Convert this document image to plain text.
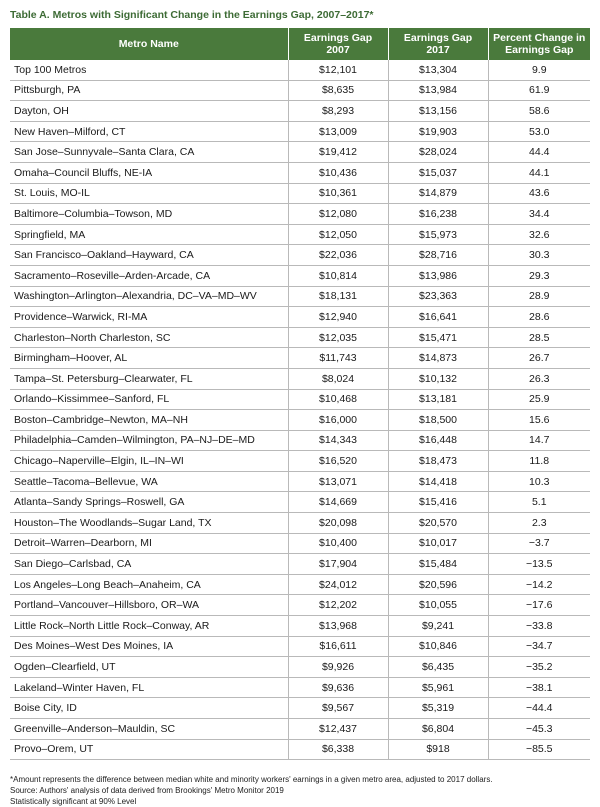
Table A. Metros with Significant Change in the Earnings Gap, 2007–2017*
Metro Name	Earnings Gap 2007	Earnings Gap 2017	Percent Change in Earnings Gap
Top 100 Metros	$12,101	$13,304	9.9
Pittsburgh, PA	$8,635	$13,984	61.9
Dayton, OH	$8,293	$13,156	58.6
New Haven–Milford, CT	$13,009	$19,903	53.0
San Jose–Sunnyvale–Santa Clara, CA	$19,412	$28,024	44.4
Omaha–Council Bluffs, NE-IA	$10,436	$15,037	44.1
St. Louis, MO-IL	$10,361	$14,879	43.6
Baltimore–Columbia–Towson, MD	$12,080	$16,238	34.4
Springfield, MA	$12,050	$15,973	32.6
San Francisco–Oakland–Hayward, CA	$22,036	$28,716	30.3
Sacramento–Roseville–Arden-Arcade, CA	$10,814	$13,986	29.3
Washington–Arlington–Alexandria, DC–VA–MD–WV	$18,131	$23,363	28.9
Providence–Warwick, RI-MA	$12,940	$16,641	28.6
Charleston–North Charleston, SC	$12,035	$15,471	28.5
Birmingham–Hoover, AL	$11,743	$14,873	26.7
Tampa–St. Petersburg–Clearwater, FL	$8,024	$10,132	26.3
Orlando–Kissimmee–Sanford, FL	$10,468	$13,181	25.9
Boston–Cambridge–Newton, MA–NH	$16,000	$18,500	15.6
Philadelphia–Camden–Wilmington, PA–NJ–DE–MD	$14,343	$16,448	14.7
Chicago–Naperville–Elgin, IL–IN–WI	$16,520	$18,473	11.8
Seattle–Tacoma–Bellevue, WA	$13,071	$14,418	10.3
Atlanta–Sandy Springs–Roswell, GA	$14,669	$15,416	5.1
Houston–The Woodlands–Sugar Land, TX	$20,098	$20,570	2.3
Detroit–Warren–Dearborn, MI	$10,400	$10,017	−3.7
San Diego–Carlsbad, CA	$17,904	$15,484	−13.5
Los Angeles–Long Beach–Anaheim, CA	$24,012	$20,596	−14.2
Portland–Vancouver–Hillsboro, OR–WA	$12,202	$10,055	−17.6
Little Rock–North Little Rock–Conway, AR	$13,968	$9,241	−33.8
Des Moines–West Des Moines, IA	$16,611	$10,846	−34.7
Ogden–Clearfield, UT	$9,926	$6,435	−35.2
Lakeland–Winter Haven, FL	$9,636	$5,961	−38.1
Boise City, ID	$9,567	$5,319	−44.4
Greenville–Anderson–Mauldin, SC	$12,437	$6,804	−45.3
Provo–Orem, UT	$6,338	$918	−85.5
*Amount represents the difference between median white and minority workers' earnings in a given metro area, adjusted to 2017 dollars.
Source: Authors' analysis of data derived from Brookings' Metro Monitor 2019
Statistically significant at 90% Level
